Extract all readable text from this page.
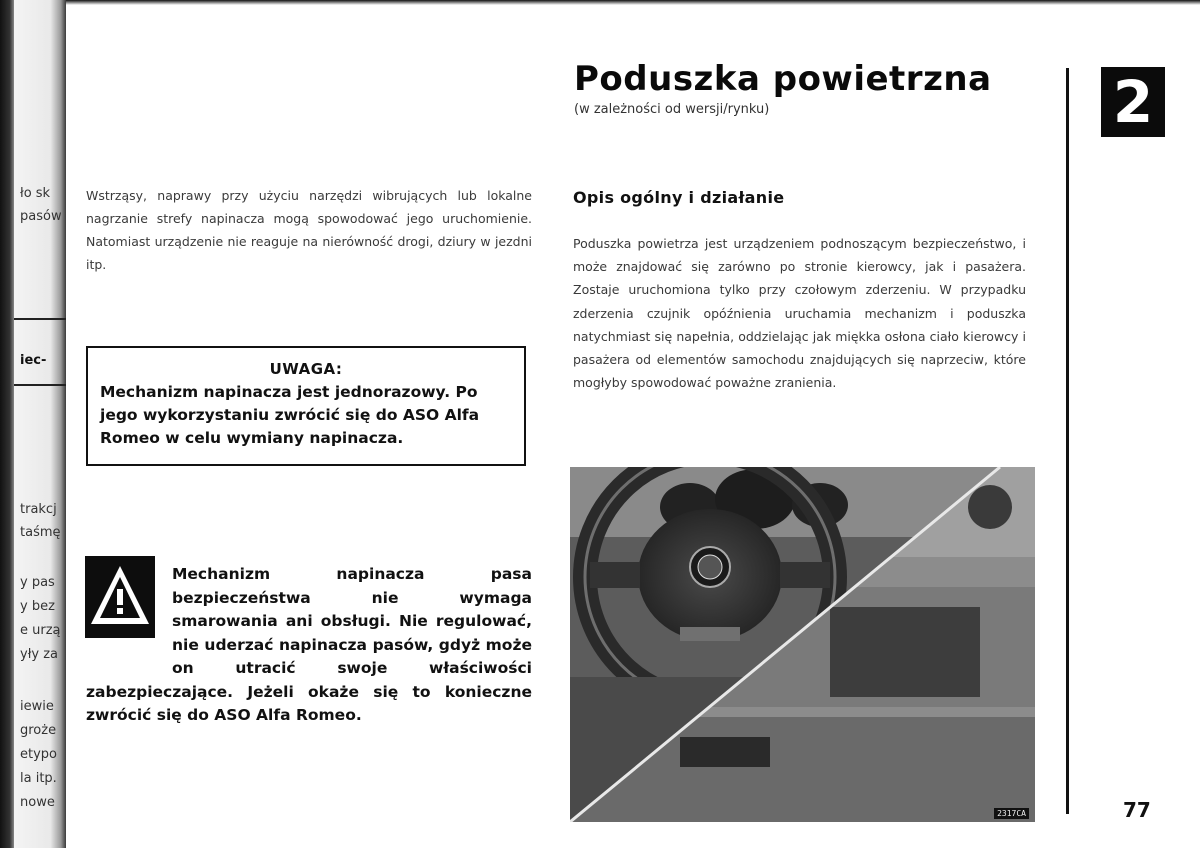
ło sk
pasów
iec-
trakcj
taśmę
y pas
y bez
e urzą
yły za
iewie
groże
etypo
la itp.
nowe
Poduszka powietrzna
(w zależności od wersji/rynku)	2

Wstrząsy, naprawy przy użyciu narzędzi wibrujących lub lokalne nagrzanie strefy napinacza mogą spowodować jego uruchomienie. Natomiast urządzenie nie reaguje na nierówność drogi, dziury w jezdni itp.

UWAGA:

Mechanizm napinacza jest jednorazowy. Po jego wykorzystaniu zwrócić się do ASO Alfa Romeo w celu wymiany napinacza.

Mechanizm napinacza pasa bezpieczeństwa nie wymaga smarowania ani obsługi. Nie regulować, nie uderzać napinacza pasów, gdyż może on utracić swoje właściwości zabezpieczające. Jeżeli okaże się to konieczne zwrócić się do ASO Alfa Romeo.
Opis ogólny i działanie

Poduszka powietrza jest urządzeniem podnoszącym bezpieczeństwo, i może znajdować się zarówno po stronie kierowcy, jak i pasażera. Zostaje uruchomiona tylko przy czołowym zderzeniu. W przypadku zderzenia czujnik opóźnienia uruchamia mechanizm i poduszka natychmiast się napełnia, oddzielając jak miękka osłona ciało kierowcy i pasażera od elementów samochodu znajdujących się naprzeciw, które mogłyby spowodować poważne zranienia.

2317CA	77
